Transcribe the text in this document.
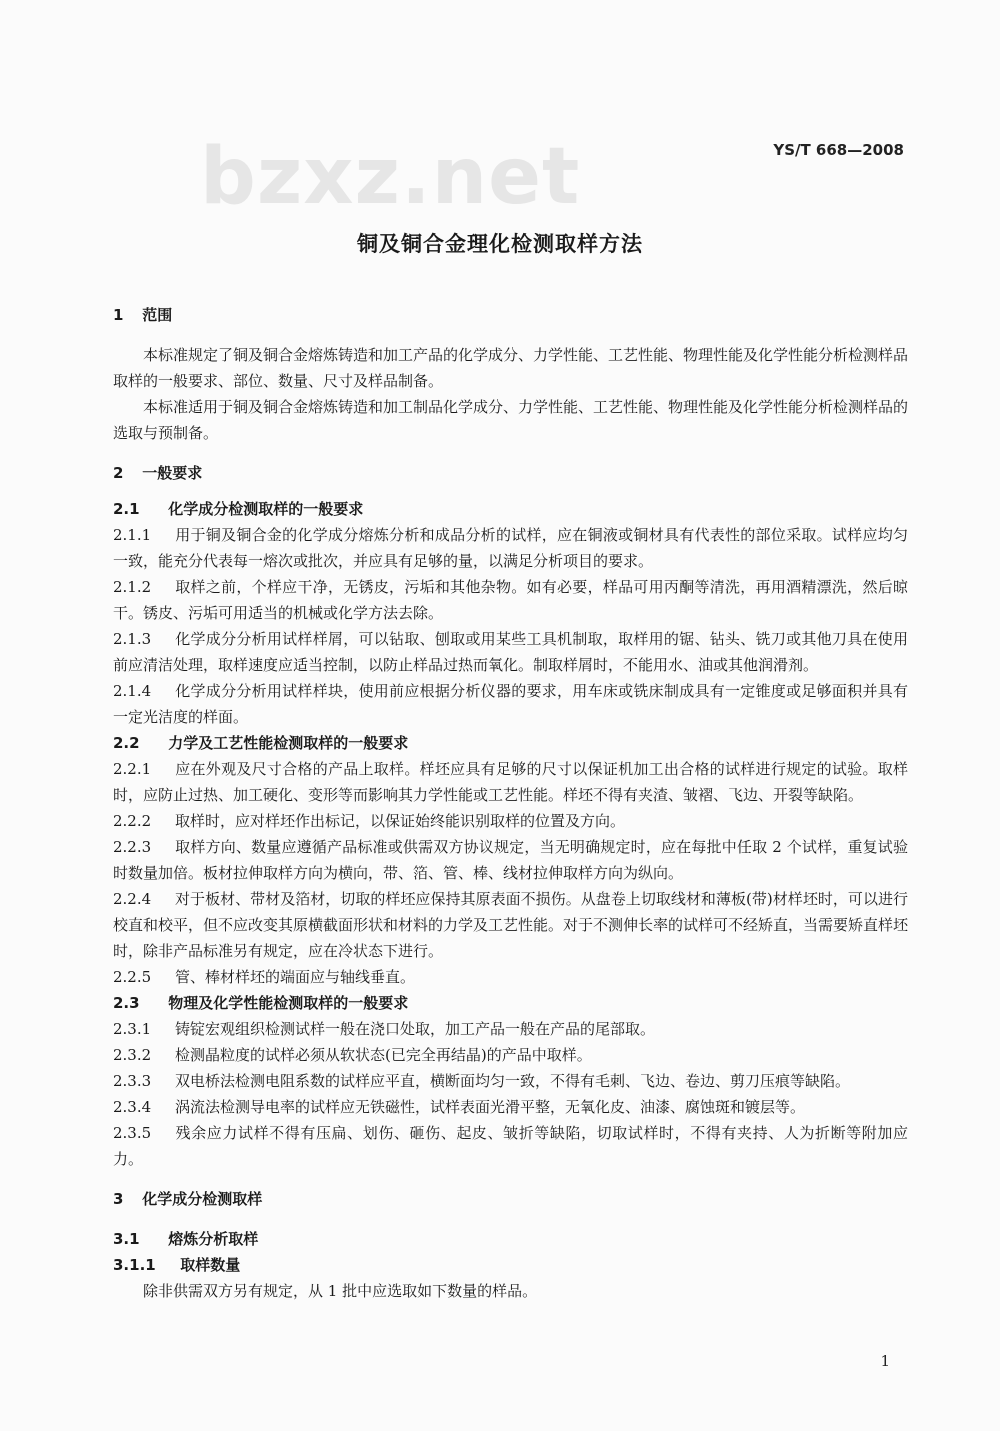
bzxz.net	YS/T 668—2008
铜及铜合金理化检测取样方法
1 范围
本标准规定了铜及铜合金熔炼铸造和加工产品的化学成分、力学性能、工艺性能、物理性能及化学性能分析检测样品取样的一般要求、部位、数量、尺寸及样品制备。
本标准适用于铜及铜合金熔炼铸造和加工制品化学成分、力学性能、工艺性能、物理性能及化学性能分析检测样品的选取与预制备。
2 一般要求
2.1 化学成分检测取样的一般要求
2.1.1 用于铜及铜合金的化学成分熔炼分析和成品分析的试样，应在铜液或铜材具有代表性的部位采取。试样应均匀一致，能充分代表每一熔次或批次，并应具有足够的量，以满足分析项目的要求。
2.1.2 取样之前，个样应干净，无锈皮，污垢和其他杂物。如有必要，样品可用丙酮等清洗，再用酒精漂洗，然后晾干。锈皮、污垢可用适当的机械或化学方法去除。
2.1.3 化学成分分析用试样样屑，可以钻取、刨取或用某些工具机制取，取样用的锯、钻头、铣刀或其他刀具在使用前应清洁处理，取样速度应适当控制，以防止样品过热而氧化。制取样屑时，不能用水、油或其他润滑剂。
2.1.4 化学成分分析用试样样块，使用前应根据分析仪器的要求，用车床或铣床制成具有一定锥度或足够面积并具有一定光洁度的样面。
2.2 力学及工艺性能检测取样的一般要求
2.2.1 应在外观及尺寸合格的产品上取样。样坯应具有足够的尺寸以保证机加工出合格的试样进行规定的试验。取样时，应防止过热、加工硬化、变形等而影响其力学性能或工艺性能。样坯不得有夹渣、皱褶、飞边、开裂等缺陷。
2.2.2 取样时，应对样坯作出标记，以保证始终能识别取样的位置及方向。
2.2.3 取样方向、数量应遵循产品标准或供需双方协议规定，当无明确规定时，应在每批中任取 2 个试样，重复试验时数量加倍。板材拉伸取样方向为横向，带、箔、管、棒、线材拉伸取样方向为纵向。
2.2.4 对于板材、带材及箔材，切取的样坯应保持其原表面不损伤。从盘卷上切取线材和薄板(带)材样坯时，可以进行校直和校平，但不应改变其原横截面形状和材料的力学及工艺性能。对于不测伸长率的试样可不经矫直，当需要矫直样坯时，除非产品标准另有规定，应在冷状态下进行。
2.2.5 管、棒材样坯的端面应与轴线垂直。
2.3 物理及化学性能检测取样的一般要求
2.3.1 铸锭宏观组织检测试样一般在浇口处取，加工产品一般在产品的尾部取。
2.3.2 检测晶粒度的试样必须从软状态(已完全再结晶)的产品中取样。
2.3.3 双电桥法检测电阻系数的试样应平直，横断面均匀一致，不得有毛刺、飞边、卷边、剪刀压痕等缺陷。
2.3.4 涡流法检测导电率的试样应无铁磁性，试样表面光滑平整，无氧化皮、油漆、腐蚀斑和镀层等。
2.3.5 残余应力试样不得有压扁、划伤、砸伤、起皮、皱折等缺陷，切取试样时，不得有夹持、人为折断等附加应力。
3 化学成分检测取样
3.1 熔炼分析取样
3.1.1 取样数量
除非供需双方另有规定，从 1 批中应选取如下数量的样品。
1
